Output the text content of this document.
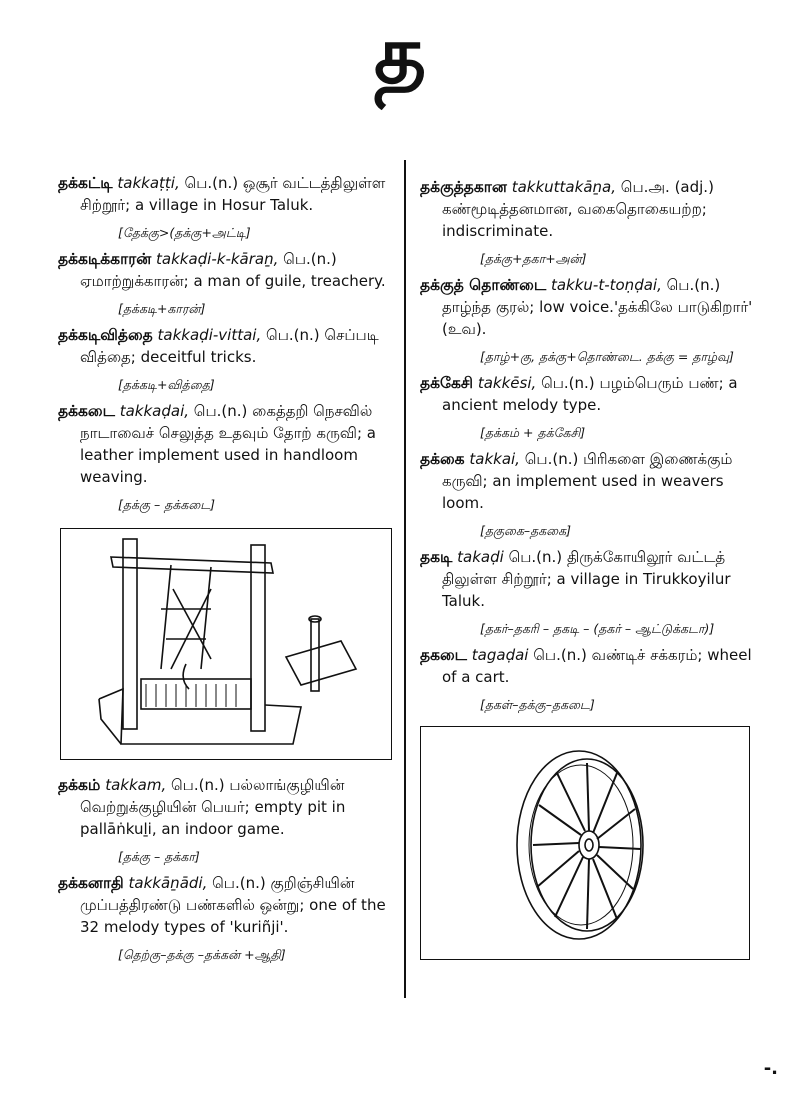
த
தக்கட்டி takkaṭṭi, பெ.(n.) ஒசூர் வட்டத்திலுள்ள சிற்றூர்; a village in Hosur Taluk.
[தேக்கு>(தக்கு+அட்டி]
தக்கடிக்காரன் takkaḍi-k-kāraṉ, பெ.(n.) ஏமாற்றுக்காரன்; a man of guile, treachery.
[தக்கடி+காரன்]
தக்கடிவித்தை takkaḍi-vittai, பெ.(n.) செப்படி வித்தை; deceitful tricks.
[தக்கடி+வித்தை]
தக்கடை takkaḍai, பெ.(n.) கைத்தறி நெசவில் நாடாவைச் செலுத்த உதவும் தோற் கருவி; a leather implement used in handloom weaving.
[தக்கு – தக்கடை]
தக்கம் takkam, பெ.(n.) பல்லாங்குழியின் வெற்றுக்குழியின் பெயர்; empty pit in pallāṅkuḻi, an indoor game.
[தக்கு – தக்கா]
தக்கனாதி takkāṉādi, பெ.(n.) குறிஞ்சியின் முப்பத்திரண்டு பண்களில் ஒன்று; one of the 32 melody types of 'kuriñji'.
[தெற்கு–தக்கு –தக்கன் +ஆதி]
தக்குத்தகான takkuttakāṉa, பெ.அ. (adj.) கண்மூடித்தனமான, வகைதொகையற்ற; indiscriminate.
[தக்கு+தகா+அன்]
தக்குத் தொண்டை takku-t-toṇḍai, பெ.(n.) தாழ்ந்த குரல்; low voice.'தக்கிலே பாடுகிறார்' (உவ).
[தாழ்+கு, தக்கு+தொண்டை. தக்கு = தாழ்வு]
தக்கேசி takkēsi, பெ.(n.) பழம்பெரும் பண்; a ancient melody type.
[தக்கம் + தக்கேசி]
தக்கை takkai, பெ.(n.) பிரிகளை இணைக்கும் கருவி; an implement used in weavers loom.
[தகுகை–தககை]
தகடி takaḍi பெ.(n.) திருக்கோயிலூர் வட்டத் திலுள்ள சிற்றூர்; a village in Tirukkoyilur Taluk.
[தகர்–தகரி – தகடி – (தகர் – ஆட்டுக்கடா)]
தகடை tagaḍai பெ.(n.) வண்டிச் சக்கரம்; wheel of a cart.
[தகள்–தக்கு–தகடை]
-.
